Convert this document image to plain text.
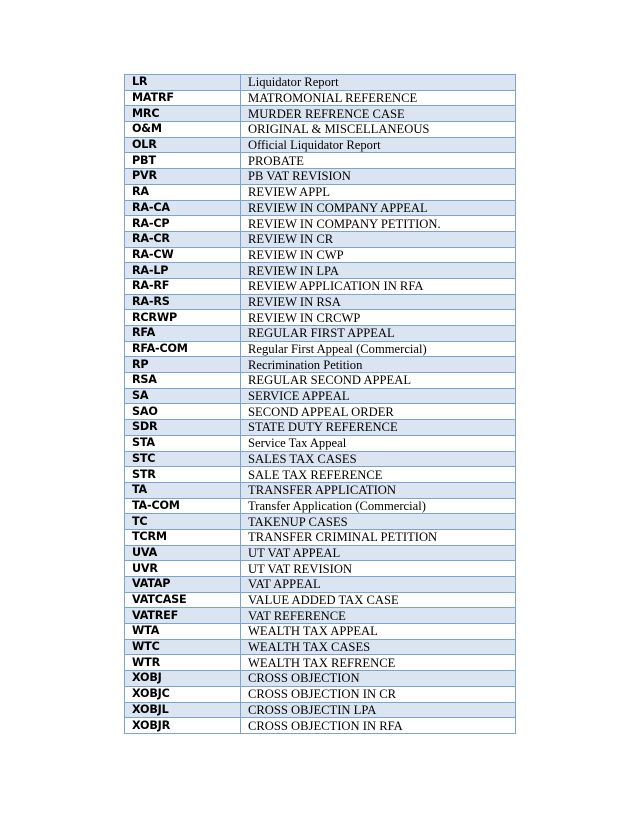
LR	Liquidator Report
MATRF	MATROMONIAL REFERENCE
MRC	MURDER REFRENCE CASE
O&M	ORIGINAL & MISCELLANEOUS
OLR	Official Liquidator Report
PBT	PROBATE
PVR	PB VAT REVISION
RA	REVIEW APPL
RA-CA	REVIEW IN COMPANY APPEAL
RA-CP	REVIEW IN COMPANY PETITION.
RA-CR	REVIEW IN CR
RA-CW	REVIEW IN CWP
RA-LP	REVIEW IN LPA
RA-RF	REVIEW APPLICATION IN RFA
RA-RS	REVIEW IN RSA
RCRWP	REVIEW IN CRCWP
RFA	REGULAR FIRST APPEAL
RFA-COM	Regular First Appeal (Commercial)
RP	Recrimination Petition
RSA	REGULAR SECOND APPEAL
SA	SERVICE APPEAL
SAO	SECOND APPEAL ORDER
SDR	STATE DUTY REFERENCE
STA	Service Tax Appeal
STC	SALES TAX CASES
STR	SALE TAX REFERENCE
TA	TRANSFER APPLICATION
TA-COM	Transfer Application (Commercial)
TC	TAKENUP CASES
TCRM	TRANSFER CRIMINAL PETITION
UVA	UT VAT APPEAL
UVR	UT VAT REVISION
VATAP	VAT APPEAL
VATCASE	VALUE ADDED TAX CASE
VATREF	VAT REFERENCE
WTA	WEALTH TAX APPEAL
WTC	WEALTH TAX CASES
WTR	WEALTH TAX REFRENCE
XOBJ	CROSS OBJECTION
XOBJC	CROSS OBJECTION IN CR
XOBJL	CROSS OBJECTIN LPA
XOBJR	CROSS OBJECTION IN RFA
